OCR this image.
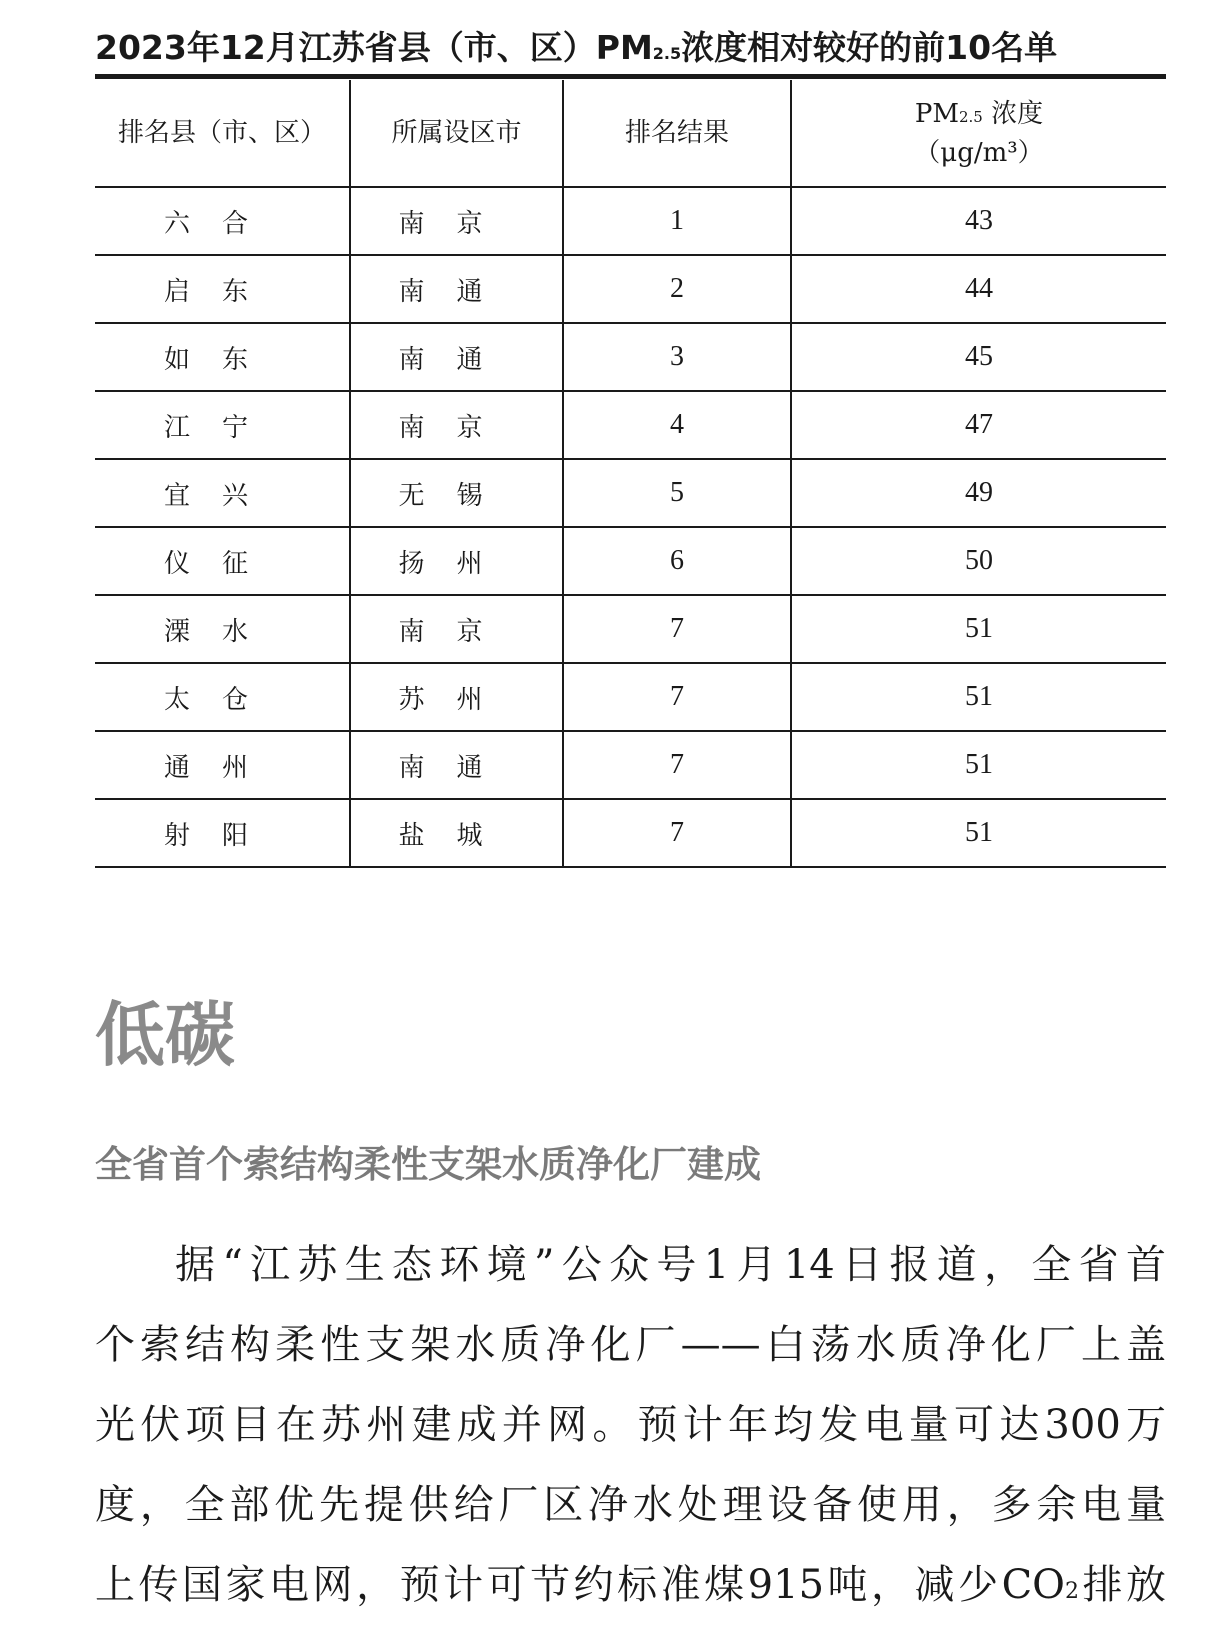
2023年12月江苏省县（市、区）PM2.5浓度相对较好的前10名单
排名县（市、区）	所属设区市	排名结果	PM2.5 浓度
（μg/m³）
六合	南京	1	43
启东	南通	2	44
如东	南通	3	45
江宁	南京	4	47
宜兴	无锡	5	49
仪征	扬州	6	50
溧水	南京	7	51
太仓	苏州	7	51
通州	南通	7	51
射阳	盐城	7	51
低碳
全省首个索结构柔性支架水质净化厂建成
据“江苏生态环境”公众号1月14日报道，全省首
个索结构柔性支架水质净化厂——白荡水质净化厂上盖
光伏项目在苏州建成并网。预计年均发电量可达300万
度，全部优先提供给厂区净水处理设备使用，多余电量
上传国家电网，预计可节约标准煤915吨，减少CO2排放
